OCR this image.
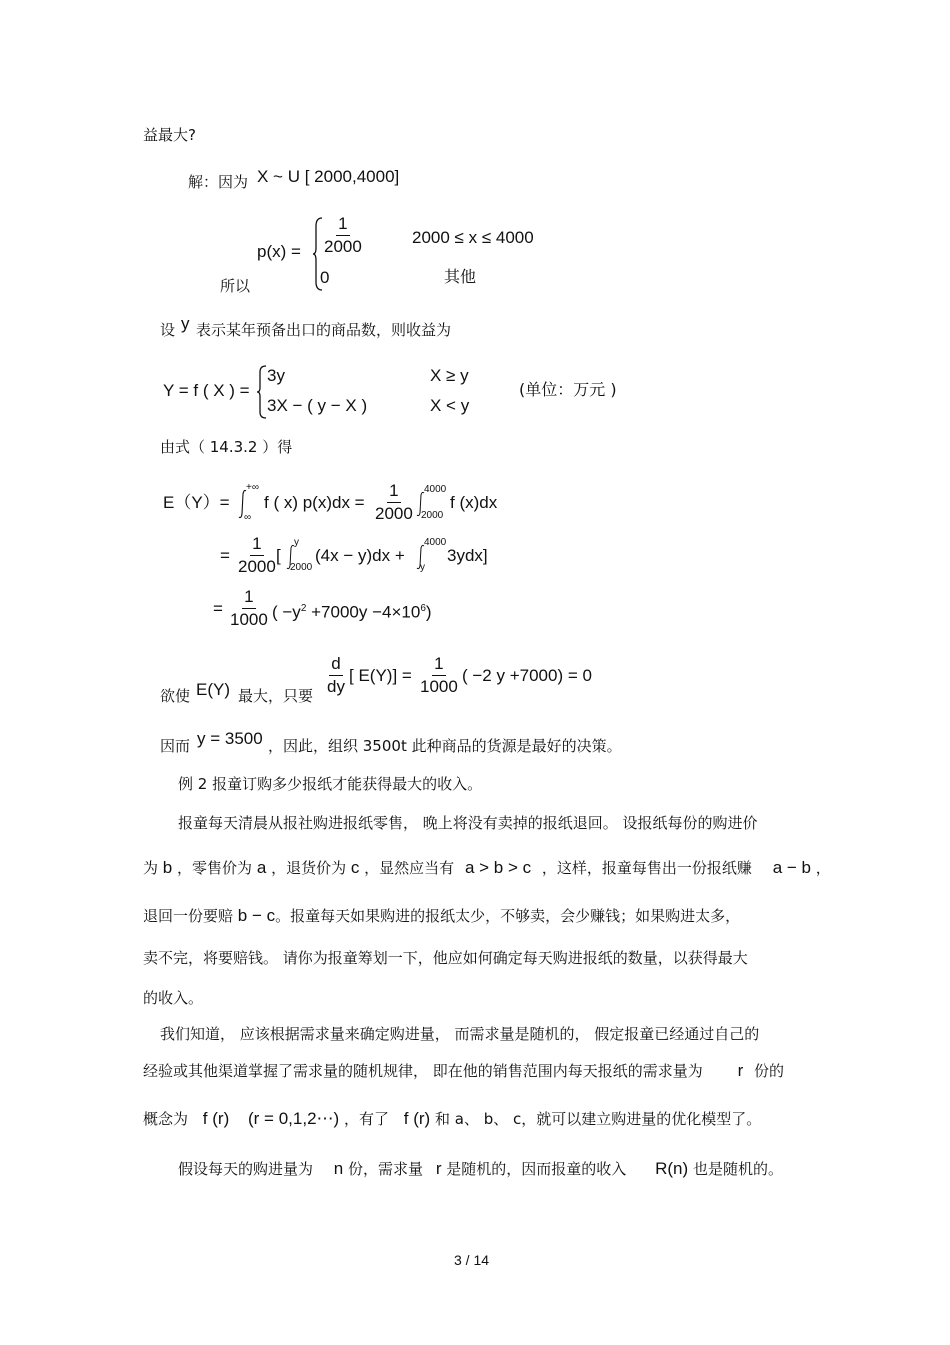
益最大?
解：因为 X ~ U [ 2000,4000]
所以
$p(x) = \frac{1}{2000}$	2000 ≤ x ≤ 4000
0	其他
设 y 表示某年预备出口的商品数，则收益为
Y = f ( X ) =
3y	X ≥ y
3X − ( y − X )	X < y
(单位：万元 )
由式（ 14.3.2 ）得
E（Y）=
+∞
∞
f ( x) $p(x)dx = \frac{1}{2000} 4000$
2000
f (x)dx
= $\frac{1}{2000}$
[
y
2000
(4x − y)dx +
4000
y
3ydx]
= $\frac{1}{1000}$ ( $-y^2 +7000y -4\times 10^6$)
欲使 E(Y) 最大，只要 $\frac{d}{dy}$ [ $E(Y)] = \frac{1}{1000}$ ( −2 y +7000) = 0
因而 y = 3500 ，因此，组织 3500t 此种商品的货源是最好的决策。
例 2 报童订购多少报纸才能获得最大的收入。
报童每天清晨从报社购进报纸零售， 晚上将没有卖掉的报纸退回。 设报纸每份的购进价
为 b ，零售价为 a ，退货价为 c ，显然应当有 a > b > c ，这样，报童每售出一份报纸赚 a − b ，
退回一份要赔 b − c。报童每天如果购进的报纸太少，不够卖，会少赚钱；如果购进太多，
卖不完，将要赔钱。 请你为报童筹划一下，他应如何确定每天购进报纸的数量，以获得最大
的收入。
我们知道， 应该根据需求量来确定购进量， 而需求量是随机的， 假定报童已经通过自己的
经验或其他渠道掌握了需求量的随机规律， 即在他的销售范围内每天报纸的需求量为 r 份的
概念为 f (r) (r = 0,1,2⋯) ，有了 f (r) 和 a、 b、 c，就可以建立购进量的优化模型了。
假设每天的购进量为 n 份，需求量 r 是随机的，因而报童的收入 R(n) 也是随机的。
3 / 14
